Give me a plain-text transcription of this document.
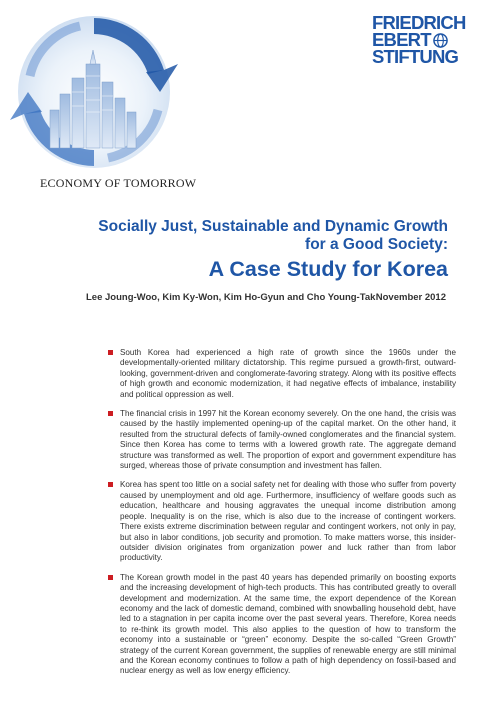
FRIEDRICH
EBERT
STIFTUNG
ECONOMY OF TOMORROW
Socially Just, Sustainable and Dynamic Growth
for a Good Society:
A Case Study for Korea
Lee Joung-Woo, Kim Ky-Won, Kim Ho-Gyun and Cho Young-Tak November 2012
South Korea had experienced a high rate of growth since the 1960s under the developmentally-oriented military dictatorship. This regime pursued a growth-first, outward-looking, government-driven and conglomerate-favoring strategy. Along with its positive effects of high growth and economic modernization, it had negative effects of imbalance, instability and political oppression as well.
The financial crisis in 1997 hit the Korean economy severely. On the one hand, the crisis was caused by the hastily implemented opening-up of the capital market. On the other hand, it resulted from the structural defects of family-owned conglomerates and the financial system. Since then Korea has come to terms with a lowered growth rate. The aggregate demand structure was transformed as well. The proportion of export and government expenditure has surged, whereas those of private consumption and investment has fallen.
Korea has spent too little on a social safety net for dealing with those who suffer from poverty caused by unemployment and old age. Furthermore, insufficiency of welfare goods such as education, healthcare and housing aggravates the unequal income distribution among people. Inequality is on the rise, which is also due to the increase of contingent workers. There exists extreme discrimination between regular and contingent workers, not only in pay, but also in labor conditions, job security and promotion. To make matters worse, this insider-outsider division originates from organization power and luck rather than from labor productivity.
The Korean growth model in the past 40 years has depended primarily on boosting exports and the increasing development of high-tech products. This has contributed greatly to overall development and modernization. At the same time, the export dependence of the Korean economy and the lack of domestic demand, combined with snowballing household debt, have led to a stagnation in per capita income over the past several years. Therefore, Korea needs to re-think its growth model. This also applies to the question of how to transform the economy into a sustainable or “green” economy. Despite the so-called “Green Growth” strategy of the current Korean government, the supplies of renewable energy are still minimal and the Korean economy continues to follow a path of high dependency on fossil-based and nuclear energy as well as low energy efficiency.
